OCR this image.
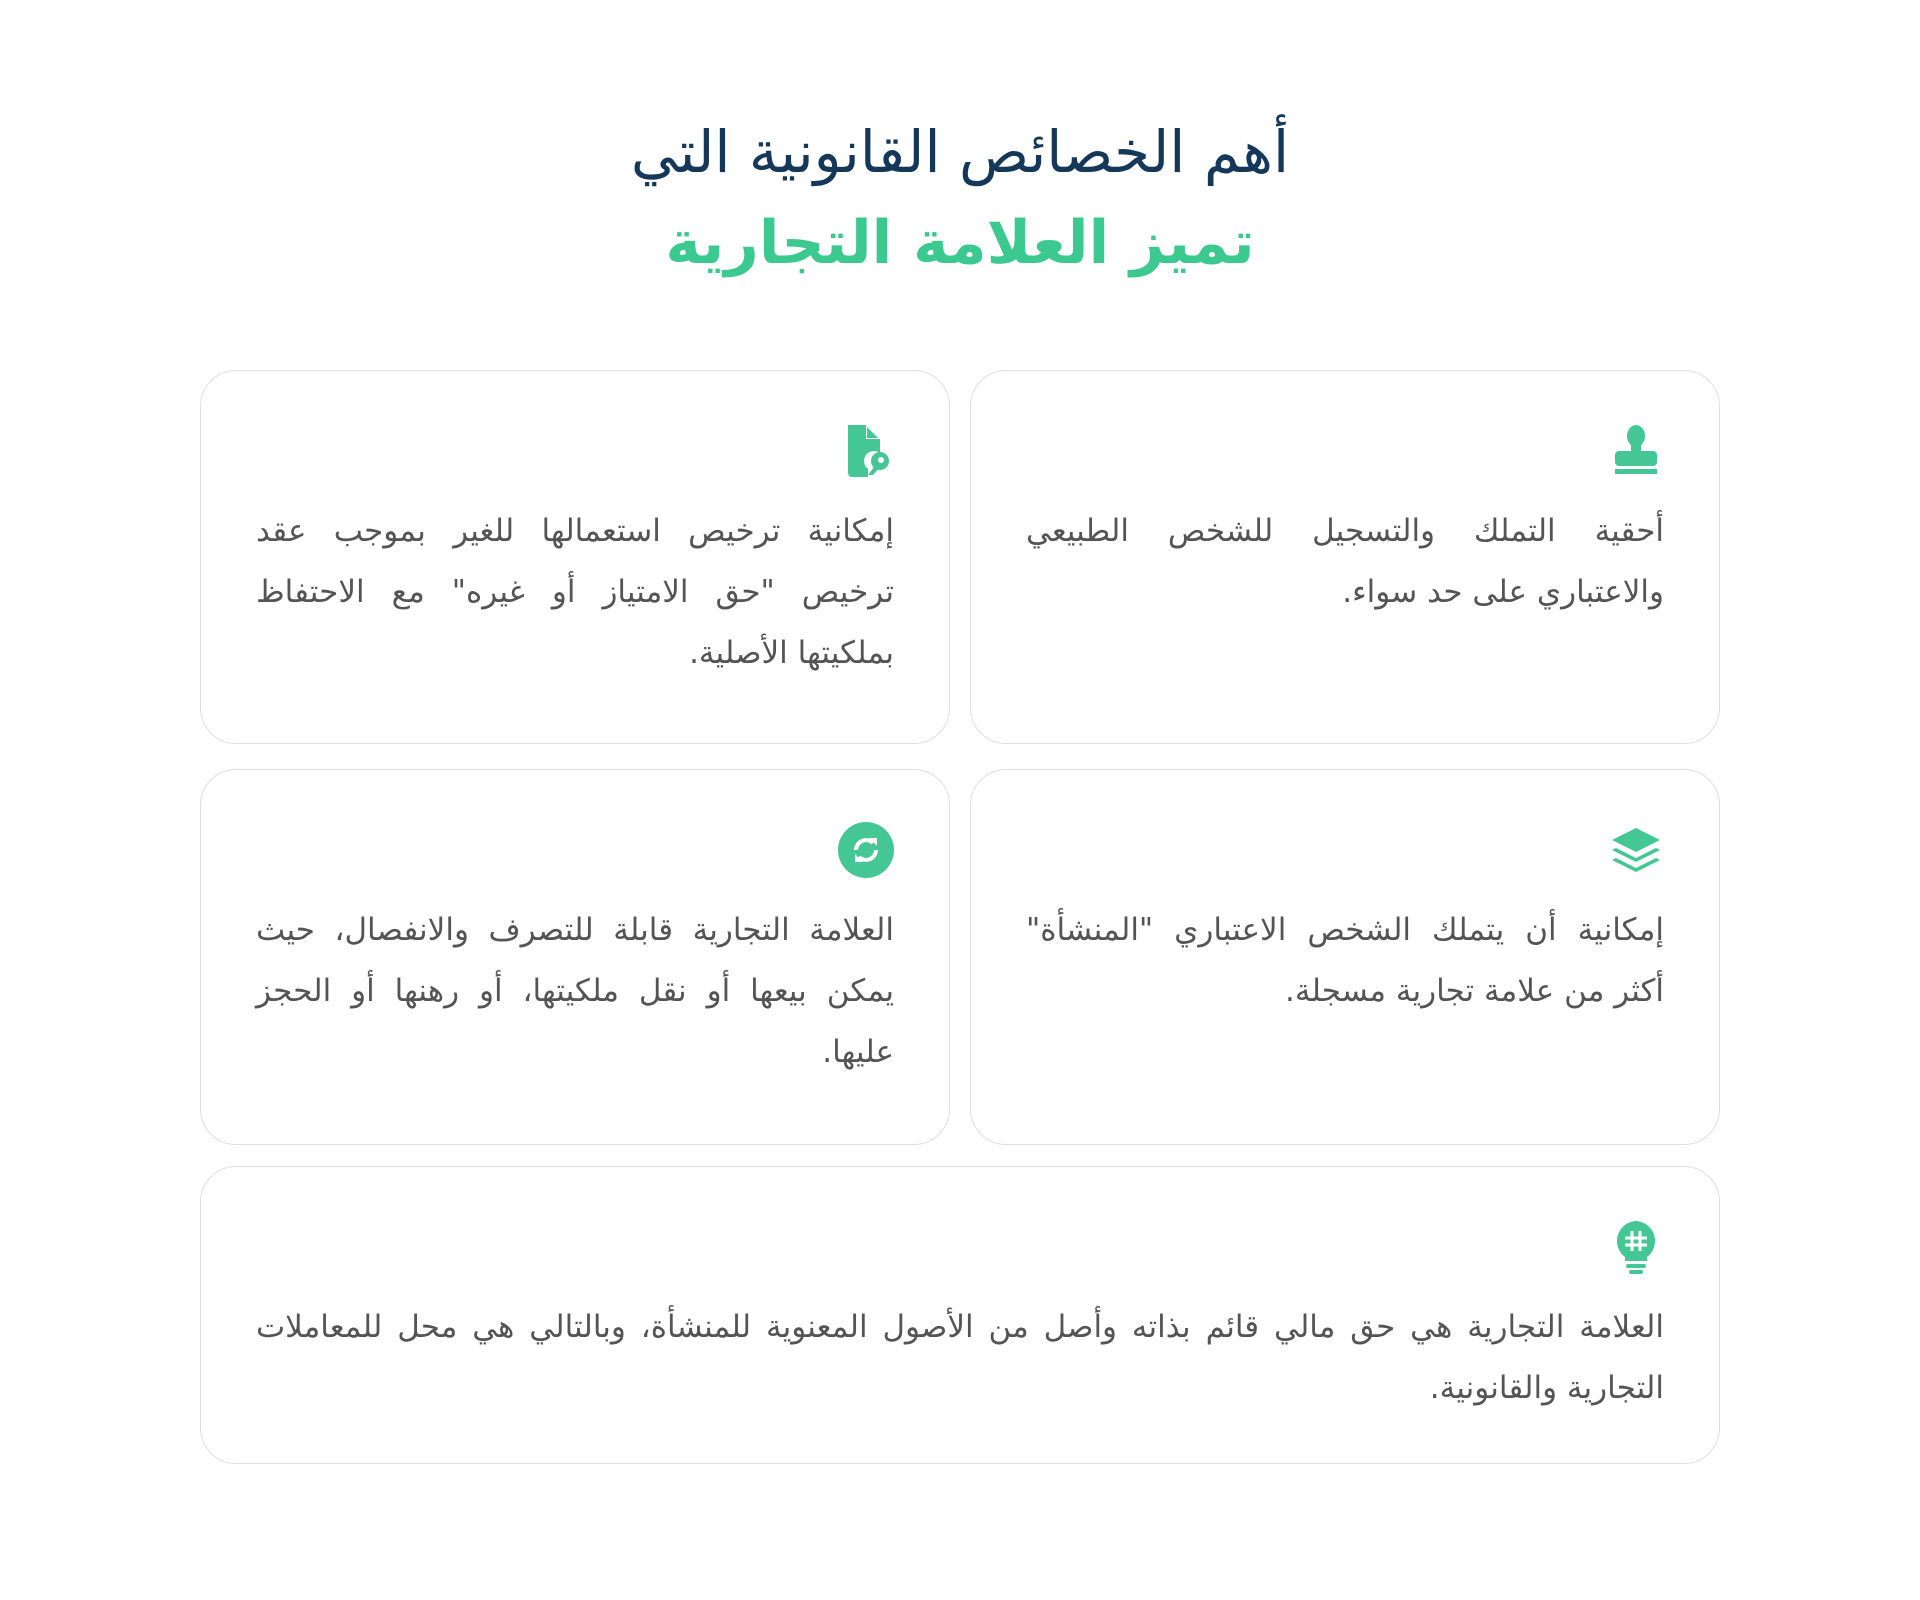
أهم الخصائص القانونية التي
تميز العلامة التجارية
أحقية التملك والتسجيل للشخص الطبيعي والاعتباري على حد سواء.
إمكانية ترخيص استعمالها للغير بموجب عقد ترخيص "حق الامتياز أو غيره" مع الاحتفاظ بملكيتها الأصلية.
إمكانية أن يتملك الشخص الاعتباري "المنشأة" أكثر من علامة تجارية مسجلة.
العلامة التجارية قابلة للتصرف والانفصال، حيث يمكن بيعها أو نقل ملكيتها، أو رهنها أو الحجز عليها.
العلامة التجارية هي حق مالي قائم بذاته وأصل من الأصول المعنوية للمنشأة، وبالتالي هي محل للمعاملات التجارية والقانونية.
